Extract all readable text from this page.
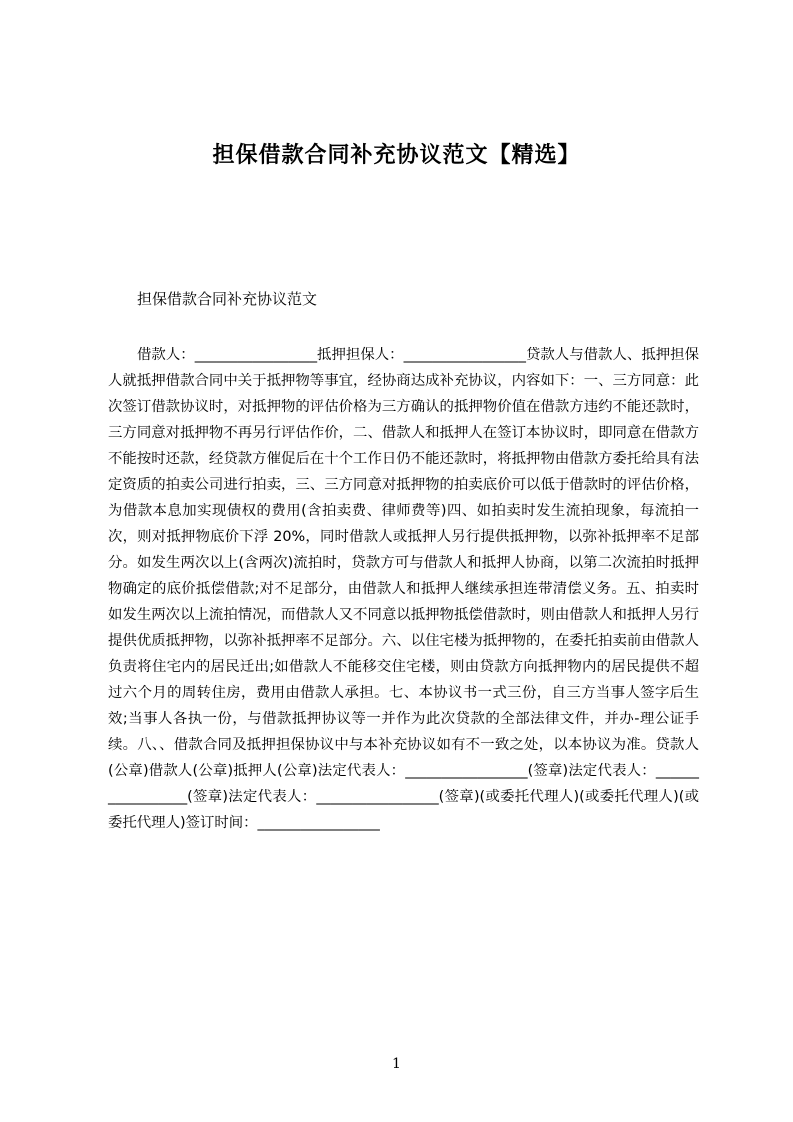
担保借款合同补充协议范文【精选】
担保借款合同补充协议范文

借款人：_________________抵押担保人：_________________贷款人与借款人、抵押担保人就抵押借款合同中关于抵押物等事宜，经协商达成补充协议，内容如下：一、三方同意：此次签订借款协议时，对抵押物的评估价格为三方确认的抵押物价值在借款方违约不能还款时，三方同意对抵押物不再另行评估作价，二、借款人和抵押人在签订本协议时，即同意在借款方不能按时还款，经贷款方催促后在十个工作日仍不能还款时，将抵押物由借款方委托给具有法定资质的拍卖公司进行拍卖，三、三方同意对抵押物的拍卖底价可以低于借款时的评估价格，为借款本息加实现债权的费用(含拍卖费、律师费等)四、如拍卖时发生流拍现象，每流拍一次，则对抵押物底价下浮 20%，同时借款人或抵押人另行提供抵押物，以弥补抵押率不足部分。如发生两次以上(含两次)流拍时，贷款方可与借款人和抵押人协商，以第二次流拍时抵押物确定的底价抵偿借款;对不足部分，由借款人和抵押人继续承担连带清偿义务。五、拍卖时如发生两次以上流拍情况，而借款人又不同意以抵押物抵偿借款时，则由借款人和抵押人另行提供优质抵押物，以弥补抵押率不足部分。六、以住宅楼为抵押物的，在委托拍卖前由借款人负责将住宅内的居民迁出;如借款人不能移交住宅楼，则由贷款方向抵押物内的居民提供不超过六个月的周转住房，费用由借款人承担。七、本协议书一式三份，自三方当事人签字后生效;当事人各执一份，与借款抵押协议等一并作为此次贷款的全部法律文件，并办-理公证手续。八、、借款合同及抵押担保协议中与本补充协议如有不一致之处，以本协议为准。贷款人(公章)借款人(公章)抵押人(公章)法定代表人：_________________(签章)法定代表人：_________________(签章)法定代表人：_________________(签章)(或委托代理人)(或委托代理人)(或委托代理人)签订时间：_________________

1
